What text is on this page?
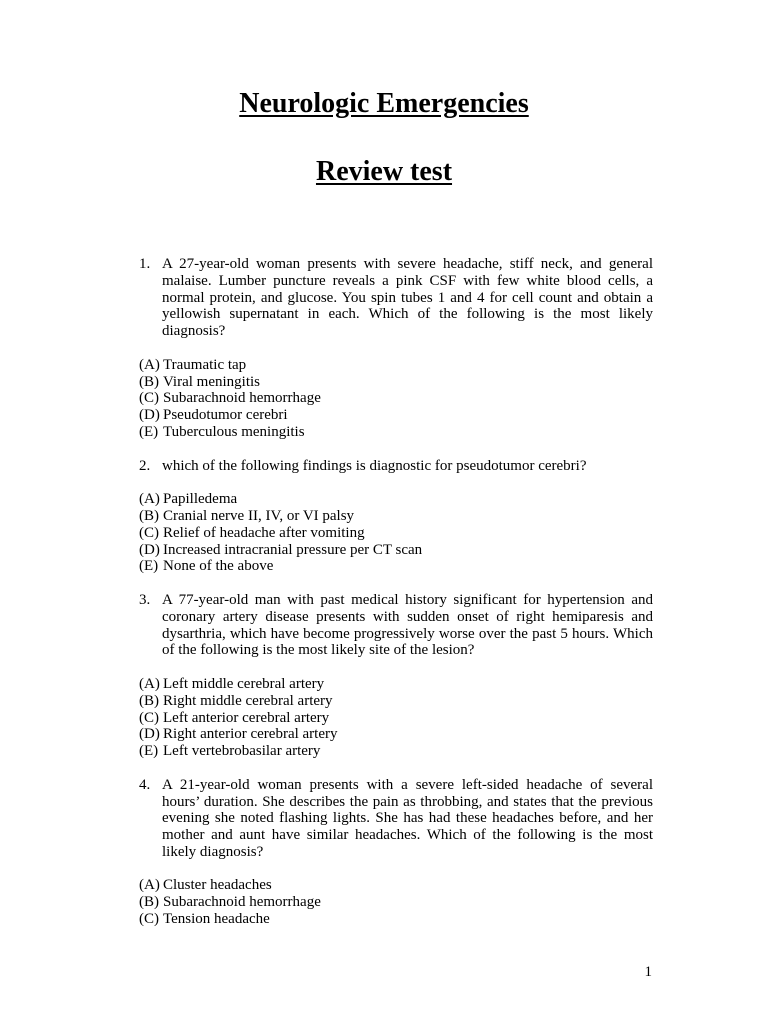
Neurologic Emergencies
Review test
1. A 27-year-old woman presents with severe headache, stiff neck, and general malaise. Lumber puncture reveals a pink CSF with few white blood cells, a normal protein, and glucose. You spin tubes 1 and 4 for cell count and obtain a yellowish supernatant in each. Which of the following is the most likely diagnosis?
(A) Traumatic tap
(B) Viral meningitis
(C) Subarachnoid hemorrhage
(D) Pseudotumor cerebri
(E) Tuberculous meningitis
2. which of the following findings is diagnostic for pseudotumor cerebri?
(A) Papilledema
(B) Cranial nerve II, IV, or VI palsy
(C) Relief of headache after vomiting
(D) Increased intracranial pressure per CT scan
(E) None of the above
3. A 77-year-old man with past medical history significant for hypertension and coronary artery disease presents with sudden onset of right hemiparesis and dysarthria, which have become progressively worse over the past 5 hours. Which of the following is the most likely site of the lesion?
(A) Left middle cerebral artery
(B) Right middle cerebral artery
(C) Left anterior cerebral artery
(D) Right anterior cerebral artery
(E) Left vertebrobasilar artery
4. A 21-year-old woman presents with a severe left-sided headache of several hours’ duration. She describes the pain as throbbing, and states that the previous evening she noted flashing lights. She has had these headaches before, and her mother and aunt have similar headaches. Which of the following is the most likely diagnosis?
(A) Cluster headaches
(B) Subarachnoid hemorrhage
(C) Tension headache
1
